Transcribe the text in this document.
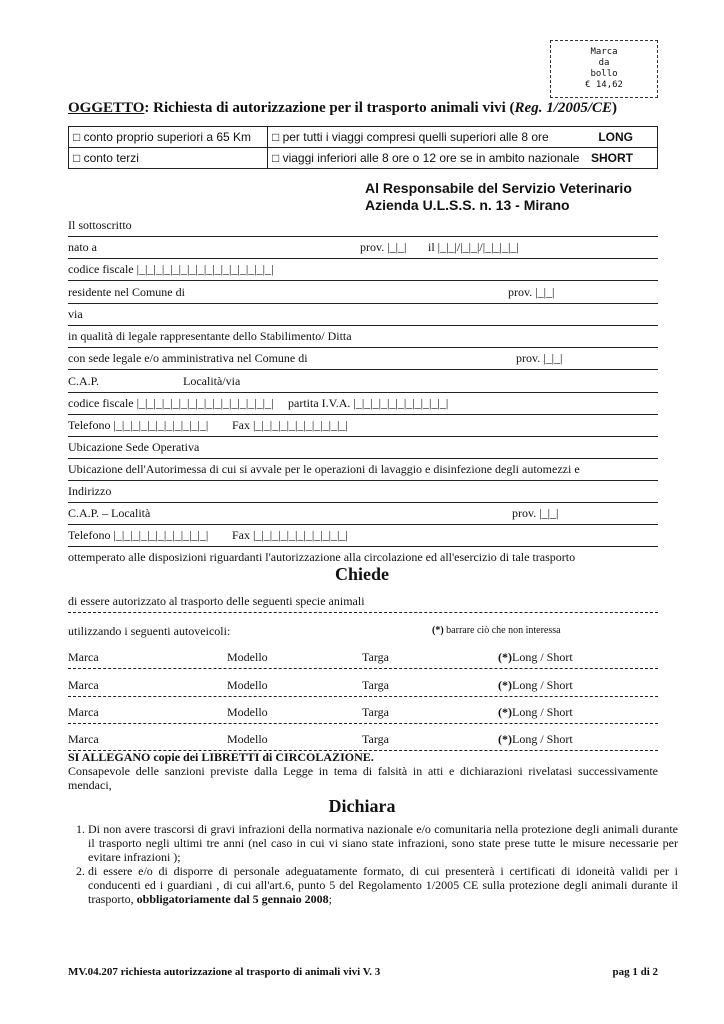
Marca
da
bollo
€ 14,62
OGGETTO: Richiesta di autorizzazione per il trasporto animali vivi (Reg. 1/2005/CE)
□ conto proprio superiori a 65 Km	□ per tutti i viaggi compresi quelli superiori alle 8 ore	LONG
□ conto terzi	□ viaggi inferiori alle 8 ore o 12 ore se in ambito nazionale	SHORT
Al Responsabile del Servizio Veterinario
Azienda U.L.S.S. n. 13 - Mirano
Il sottoscritto
nato a	prov. |_|_| il |_|_|/|_|_|/|_|_|_|_|
codice fiscale |_|_|_|_|_|_|_|_|_|_|_|_|_|_|_|_|
residente nel Comune di	prov. |_|_|
via
in qualità di legale rappresentante dello Stabilimento/ Ditta
con sede legale e/o amministrativa nel Comune di	prov. |_|_|
C.A.P.	Località/via
codice fiscale |_|_|_|_|_|_|_|_|_|_|_|_|_|_|_|_| partita I.V.A. |_|_|_|_|_|_|_|_|_|_|_|
Telefono |_|_|_|_|_|_|_|_|_|_|_| Fax |_|_|_|_|_|_|_|_|_|_|_|
Ubicazione Sede Operativa
Ubicazione dell'Autorimessa di cui si avvale per le operazioni di lavaggio e disinfezione degli automezzi e
Indirizzo
C.A.P. – Località	prov. |_|_|
Telefono |_|_|_|_|_|_|_|_|_|_|_| Fax |_|_|_|_|_|_|_|_|_|_|_|
ottemperato alle disposizioni riguardanti l'autorizzazione alla circolazione ed all'esercizio di tale trasporto
Chiede
di essere autorizzato al trasporto delle seguenti specie animali
utilizzando i seguenti autoveicoli:	(*) barrare ciò che non interessa
Marca	Modello	Targa	(*)Long / Short
Marca	Modello	Targa	(*)Long / Short
Marca	Modello	Targa	(*)Long / Short
Marca	Modello	Targa	(*)Long / Short
SI ALLEGANO copie dei LIBRETTI di CIRCOLAZIONE.
Consapevole delle sanzioni previste dalla Legge in tema di falsità in atti e dichiarazioni rivelatasi successivamente mendaci,
Dichiara
1. Di non avere trascorsi di gravi infrazioni della normativa nazionale e/o comunitaria nella protezione degli animali durante il trasporto negli ultimi tre anni (nel caso in cui vi siano state infrazioni, sono state prese tutte le misure necessarie per evitare infrazioni );
2. di essere e/o di disporre di personale adeguatamente formato, di cui presenterà i certificati di idoneità validi per i conducenti ed i guardiani , di cui all'art.6, punto 5 del Regolamento 1/2005 CE sulla protezione degli animali durante il trasporto, obbligatoriamente dal 5 gennaio 2008;
MV.04.207 richiesta autorizzazione al trasporto di animali vivi V. 3	pag 1 di 2
